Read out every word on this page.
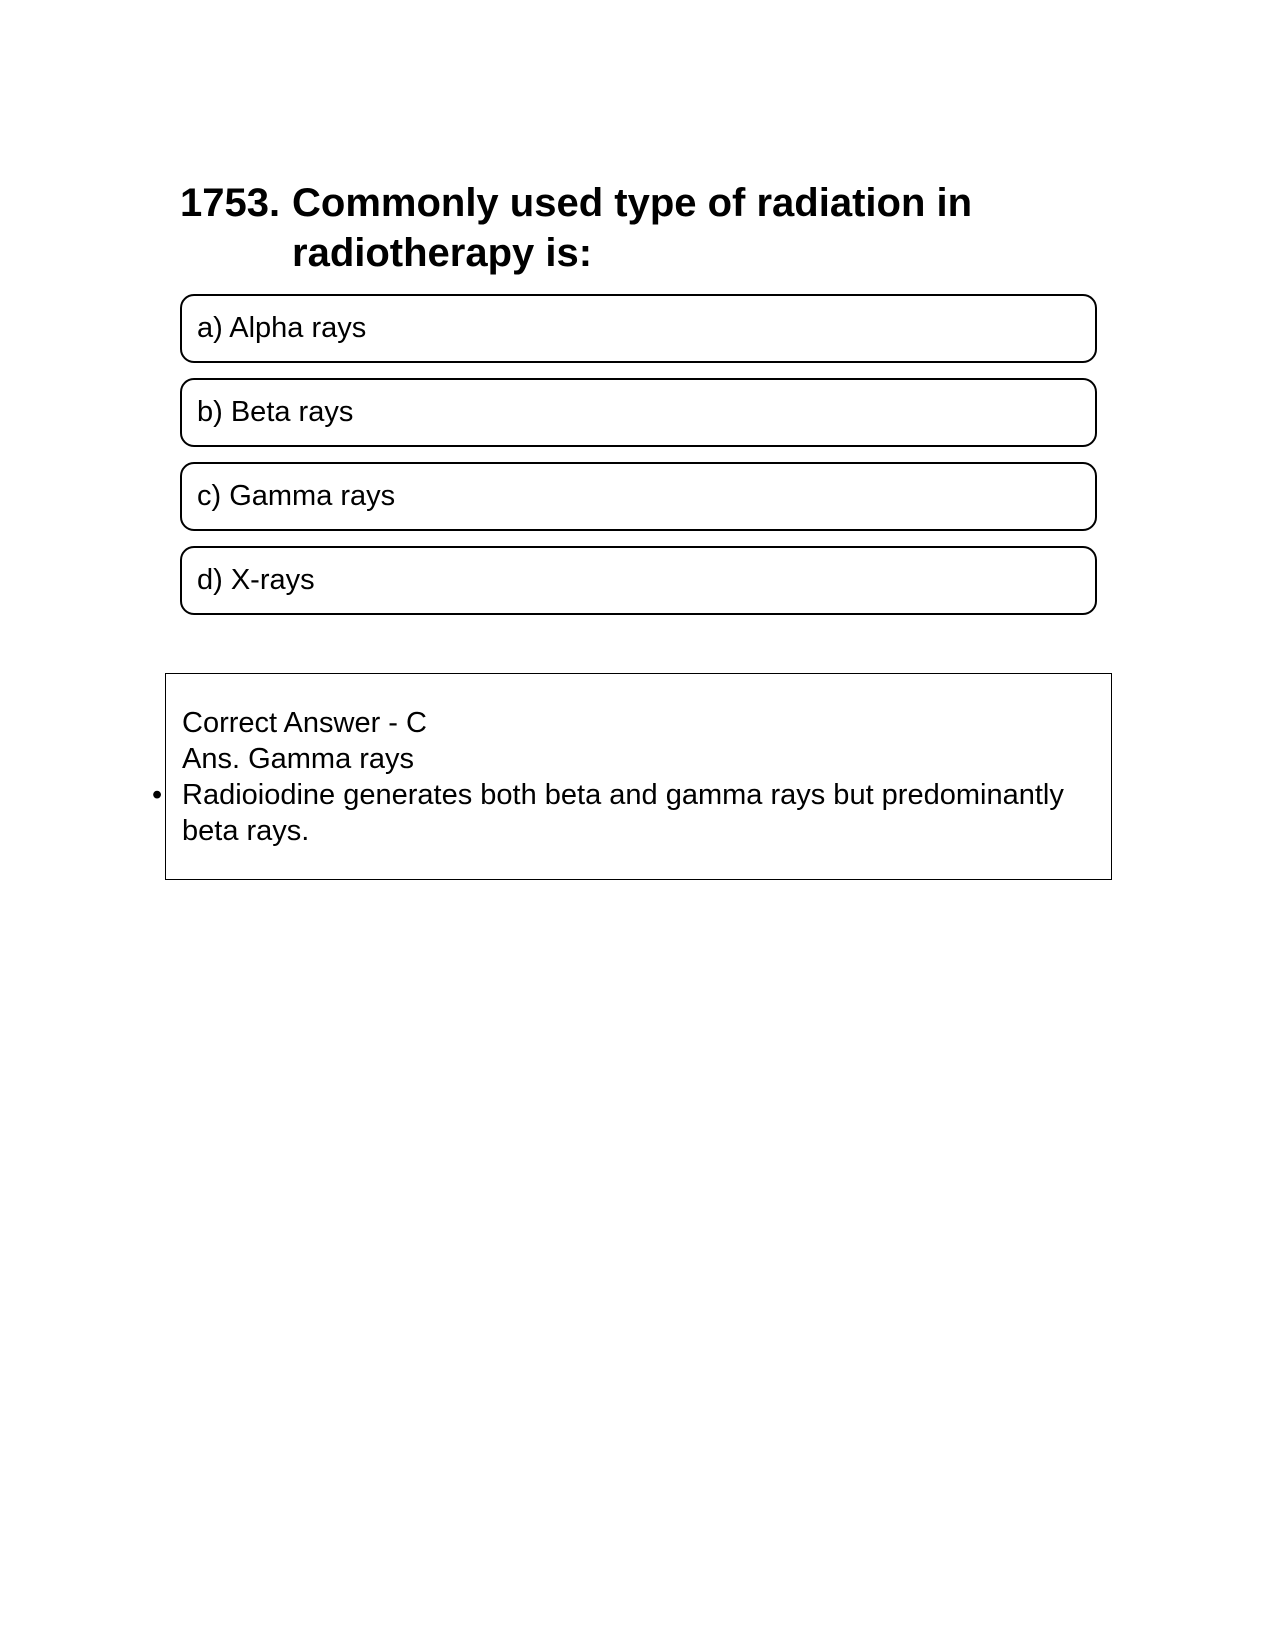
1753. Commonly used type of radiation in radiotherapy is:
a) Alpha rays
b) Beta rays
c) Gamma rays
d) X-rays
Correct Answer - C
Ans. Gamma rays
• Radioiodine generates both beta and gamma rays but predominantly beta rays.
